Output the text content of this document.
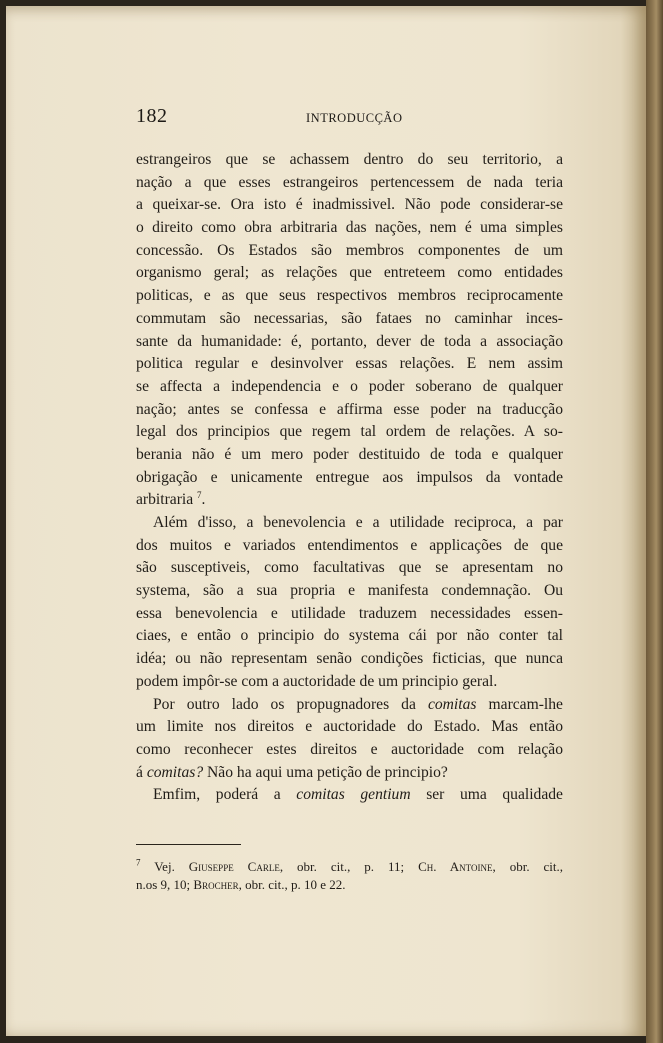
182	INTRODUCÇÃO
estrangeiros que se achassem dentro do seu territorio, a
nação a que esses estrangeiros pertencessem de nada teria
a queixar-se. Ora isto é inadmissivel. Não pode considerar-se
o direito como obra arbitraria das nações, nem é uma simples
concessão. Os Estados são membros componentes de um
organismo geral; as relações que entreteem como entidades
politicas, e as que seus respectivos membros reciprocamente
commutam são necessarias, são fataes no caminhar inces-
sante da humanidade: é, portanto, dever de toda a associação
politica regular e desinvolver essas relações. E nem assim
se affecta a independencia e o poder soberano de qualquer
nação; antes se confessa e affirma esse poder na traducção
legal dos principios que regem tal ordem de relações. A so-
berania não é um mero poder destituido de toda e qualquer
obrigação e unicamente entregue aos impulsos da vontade
arbitraria $^7$.
Além d'isso, a benevolencia e a utilidade reciproca, a par
dos muitos e variados entendimentos e applicações de que
são susceptiveis, como facultativas que se apresentam no
systema, são a sua propria e manifesta condemnação. Ou
essa benevolencia e utilidade traduzem necessidades essen-
ciaes, e então o principio do systema cái por não conter tal
idéa; ou não representam senão condições ficticias, que nunca
podem impôr-se com a auctoridade de um principio geral.
Por outro lado os propugnadores da comitas marcam-lhe
um limite nos direitos e auctoridade do Estado. Mas então
como reconhecer estes direitos e auctoridade com relação
á comitas? Não ha aqui uma petição de principio?
Emfim, poderá a comitas gentium ser uma qualidade
$^7$ Vej. Giuseppe Carle, obr. cit., p. 11; Ch. Antoine, obr. cit.,
n.os 9, 10; Brocher, obr. cit., p. 10 e 22.
